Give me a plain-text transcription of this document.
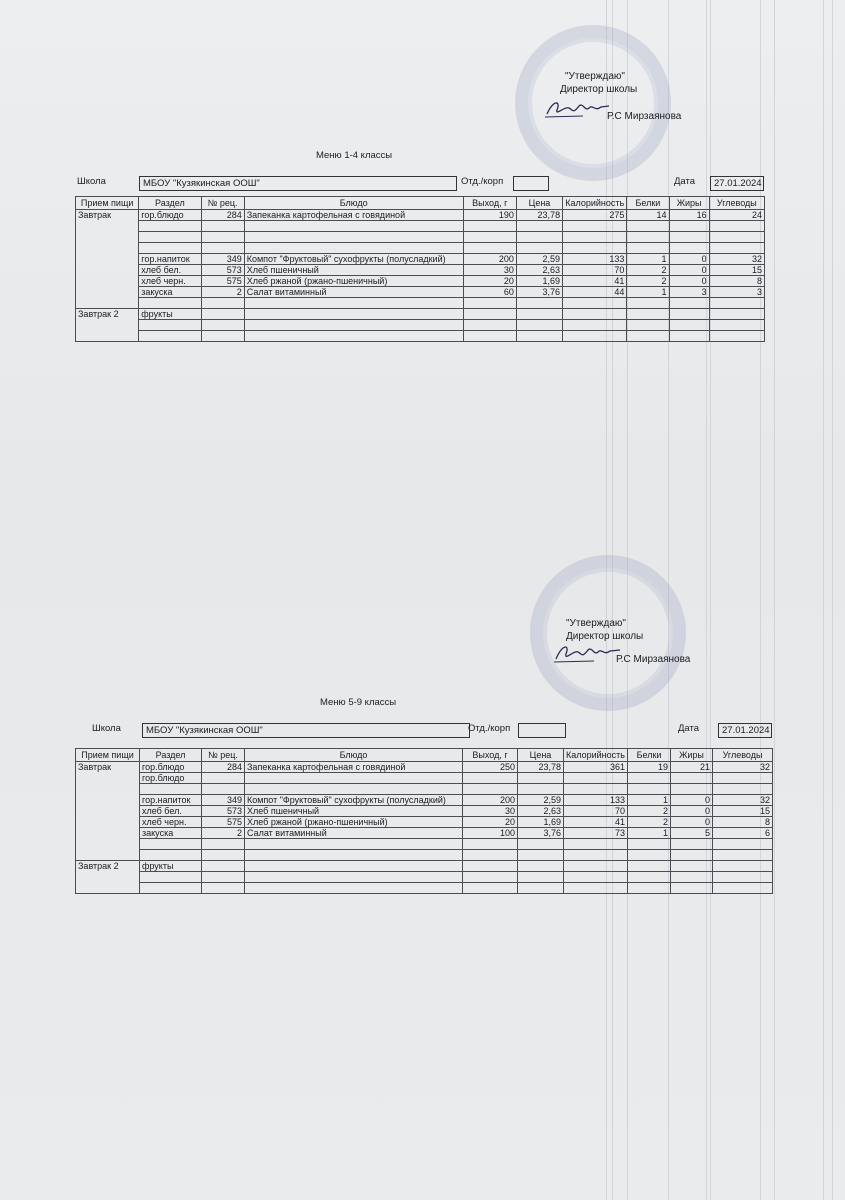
"Утверждаю"
Директор школы
Р.С Мирзаянова
Меню 1-4 классы
Школа	МБОУ "Кузякинская ООШ"	Отд./корп	Дата	27.01.2024
Прием пищи	Раздел	№ рец.	Блюдо	Выход, г	Цена	Калорийность	Белки	Жиры	Углеводы
Завтрак	гор.блюдо	284	Запеканка картофельная с говядиной	190	23,78	275	14	16	24

	гор.напиток	349	Компот "Фруктовый" сухофрукты (полусладкий)	200	2,59	133	1	0	32
	хлеб бел.	573	Хлеб пшеничный	30	2,63	70	2	0	15
	хлеб черн.	575	Хлеб ржаной (ржано-пшеничный)	20	1,69	41	2	0	8
	закуска	2	Салат витаминный	60	3,76	44	1	3	3

Завтрак 2	фрукты								

"Утверждаю"
Директор школы
Р.С Мирзаянова
Меню 5-9 классы
Школа	МБОУ "Кузякинская ООШ"	Отд./корп	Дата	27.01.2024
Прием пищи	Раздел	№ рец.	Блюдо	Выход, г	Цена	Калорийность	Белки	Жиры	Углеводы
Завтрак	гор.блюдо	284	Запеканка картофельная с говядиной	250	23,78	361	19	21	32
	гор.блюдо								

	гор.напиток	349	Компот "Фруктовый" сухофрукты (полусладкий)	200	2,59	133	1	0	32
	хлеб бел.	573	Хлеб пшеничный	30	2,63	70	2	0	15
	хлеб черн.	575	Хлеб ржаной (ржано-пшеничный)	20	1,69	41	2	0	8
	закуска	2	Салат витаминный	100	3,76	73	1	5	6

Завтрак 2	фрукты								
